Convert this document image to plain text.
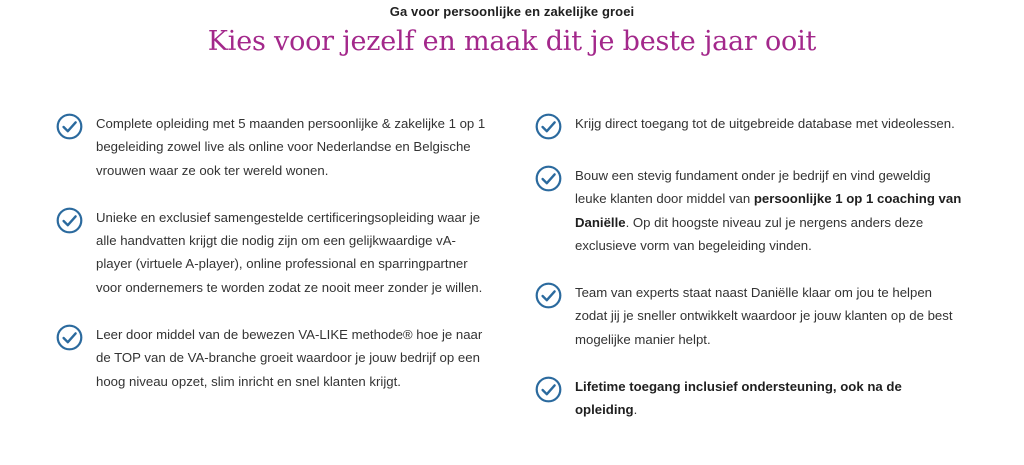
Ga voor persoonlijke en zakelijke groei
Kies voor jezelf en maak dit je beste jaar ooit
Complete opleiding met 5 maanden persoonlijke & zakelijke 1 op 1 begeleiding zowel live als online voor Nederlandse en Belgische vrouwen waar ze ook ter wereld wonen.
Unieke en exclusief samengestelde certificeringsopleiding waar je alle handvatten krijgt die nodig zijn om een gelijkwaardige vA-player (virtuele A-player), online professional en sparringpartner voor ondernemers te worden zodat ze nooit meer zonder je willen.
Leer door middel van de bewezen VA-LIKE methode® hoe je naar de TOP van de VA-branche groeit waardoor je jouw bedrijf op een hoog niveau opzet, slim inricht en snel klanten krijgt.
Krijg direct toegang tot de uitgebreide database met videolessen.
Bouw een stevig fundament onder je bedrijf en vind geweldig leuke klanten door middel van persoonlijke 1 op 1 coaching van Daniëlle. Op dit hoogste niveau zul je nergens anders deze exclusieve vorm van begeleiding vinden.
Team van experts staat naast Daniëlle klaar om jou te helpen zodat jij je sneller ontwikkelt waardoor je jouw klanten op de best mogelijke manier helpt.
Lifetime toegang inclusief ondersteuning, ook na de opleiding.
